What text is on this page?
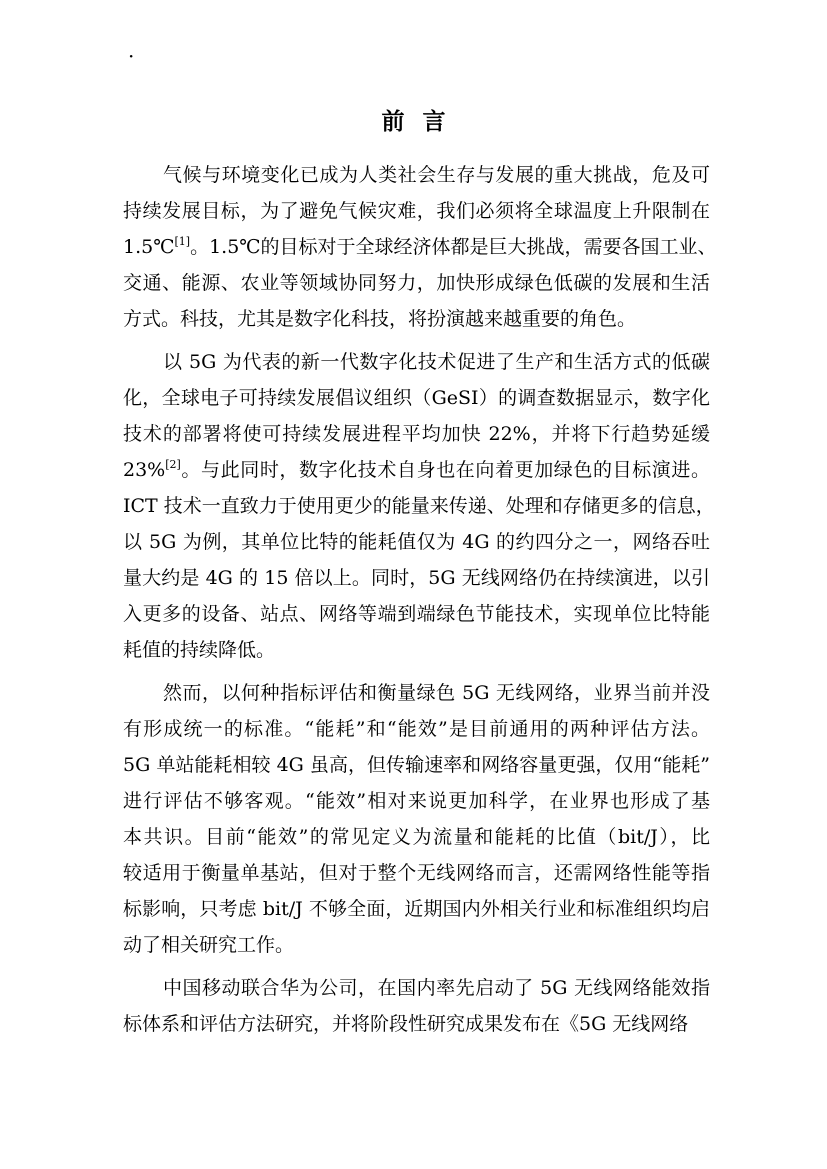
·
前 言
气候与环境变化已成为人类社会生存与发展的重大挑战，危及可
持续发展目标，为了避免气候灾难，我们必须将全球温度上升限制在
1.5℃[1]。1.5℃的目标对于全球经济体都是巨大挑战，需要各国工业、
交通、能源、农业等领域协同努力，加快形成绿色低碳的发展和生活
方式。科技，尤其是数字化科技，将扮演越来越重要的角色。
以 5G 为代表的新一代数字化技术促进了生产和生活方式的低碳
化，全球电子可持续发展倡议组织（GeSI）的调查数据显示，数字化
技术的部署将使可持续发展进程平均加快 22%，并将下行趋势延缓
23%[2]。与此同时，数字化技术自身也在向着更加绿色的目标演进。
ICT 技术一直致力于使用更少的能量来传递、处理和存储更多的信息，
以 5G 为例，其单位比特的能耗值仅为 4G 的约四分之一，网络吞吐
量大约是 4G 的 15 倍以上。同时，5G 无线网络仍在持续演进，以引
入更多的设备、站点、网络等端到端绿色节能技术，实现单位比特能
耗值的持续降低。
然而，以何种指标评估和衡量绿色 5G 无线网络，业界当前并没
有形成统一的标准。“能耗”和“能效”是目前通用的两种评估方法。
5G 单站能耗相较 4G 虽高，但传输速率和网络容量更强，仅用“能耗”
进行评估不够客观。“能效”相对来说更加科学，在业界也形成了基
本共识。目前“能效”的常见定义为流量和能耗的比值（bit/J），比
较适用于衡量单基站，但对于整个无线网络而言，还需网络性能等指
标影响，只考虑 bit/J 不够全面，近期国内外相关行业和标准组织均启
动了相关研究工作。
中国移动联合华为公司，在国内率先启动了 5G 无线网络能效指
标体系和评估方法研究，并将阶段性研究成果发布在《5G 无线网络
